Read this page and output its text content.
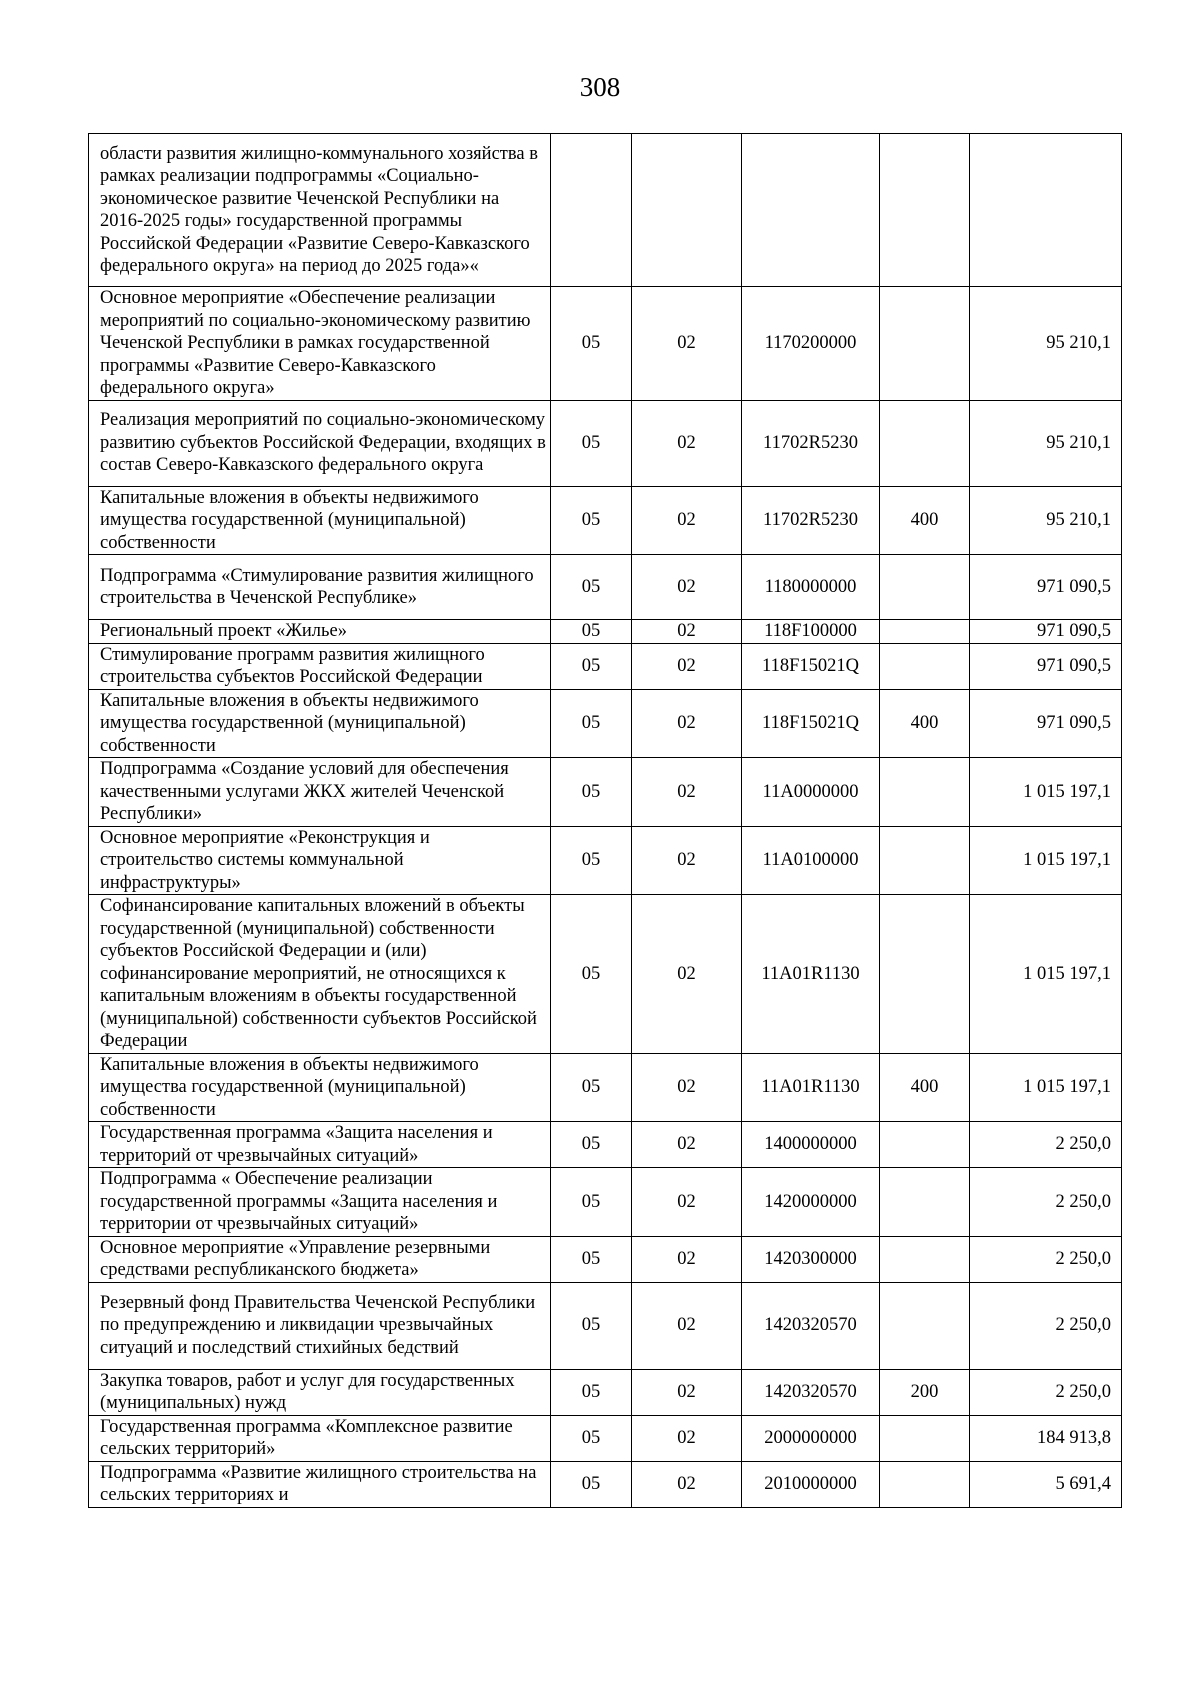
308
области развития жилищно-коммунального хозяйства в рамках реализации подпрограммы «Социально-экономическое развитие Чеченской Республики на 2016-2025 годы» государственной программы Российской Федерации «Развитие Северо-Кавказского федерального округа» на период до 2025 года»«					
Основное мероприятие «Обеспечение реализации мероприятий по социально-экономическому развитию Чеченской Республики в рамках государственной программы «Развитие Северо-Кавказского федерального округа»	05	02	1170200000		95 210,1
Реализация мероприятий по социально-экономическому развитию субъектов Российской Федерации, входящих в состав Северо-Кавказского федерального округа	05	02	11702R5230		95 210,1
Капитальные вложения в объекты недвижимого имущества государственной (муниципальной) собственности	05	02	11702R5230	400	95 210,1
Подпрограмма «Стимулирование развития жилищного строительства в Чеченской Республике»	05	02	1180000000		971 090,5
Региональный проект «Жилье»	05	02	118F100000		971 090,5
Стимулирование программ развития жилищного строительства субъектов Российской Федерации	05	02	118F15021Q		971 090,5
Капитальные вложения в объекты недвижимого имущества государственной (муниципальной) собственности	05	02	118F15021Q	400	971 090,5
Подпрограмма «Создание условий для обеспечения качественными услугами ЖКХ жителей Чеченской Республики»	05	02	11А0000000		1 015 197,1
Основное мероприятие «Реконструкция и строительство системы коммунальной инфраструктуры»	05	02	11А0100000		1 015 197,1
Софинансирование капитальных вложений в объекты государственной (муниципальной) собственности субъектов Российской Федерации и (или) софинансирование мероприятий, не относящихся к капитальным вложениям в объекты государственной (муниципальной) собственности субъектов Российской Федерации	05	02	11А01R1130		1 015 197,1
Капитальные вложения в объекты недвижимого имущества государственной (муниципальной) собственности	05	02	11А01R1130	400	1 015 197,1
Государственная программа «Защита населения и территорий от чрезвычайных ситуаций»	05	02	1400000000		2 250,0
Подпрограмма « Обеспечение реализации государственной программы «Защита населения и территории от чрезвычайных ситуаций»	05	02	1420000000		2 250,0
Основное мероприятие «Управление резервными средствами республиканского бюджета»	05	02	1420300000		2 250,0
Резервный фонд Правительства Чеченской Республики по предупреждению и ликвидации чрезвычайных ситуаций и последствий стихийных бедствий	05	02	1420320570		2 250,0
Закупка товаров, работ и услуг для государственных (муниципальных) нужд	05	02	1420320570	200	2 250,0
Государственная программа «Комплексное развитие сельских территорий»	05	02	2000000000		184 913,8
Подпрограмма «Развитие жилищного строительства на сельских территориях и	05	02	2010000000		5 691,4
